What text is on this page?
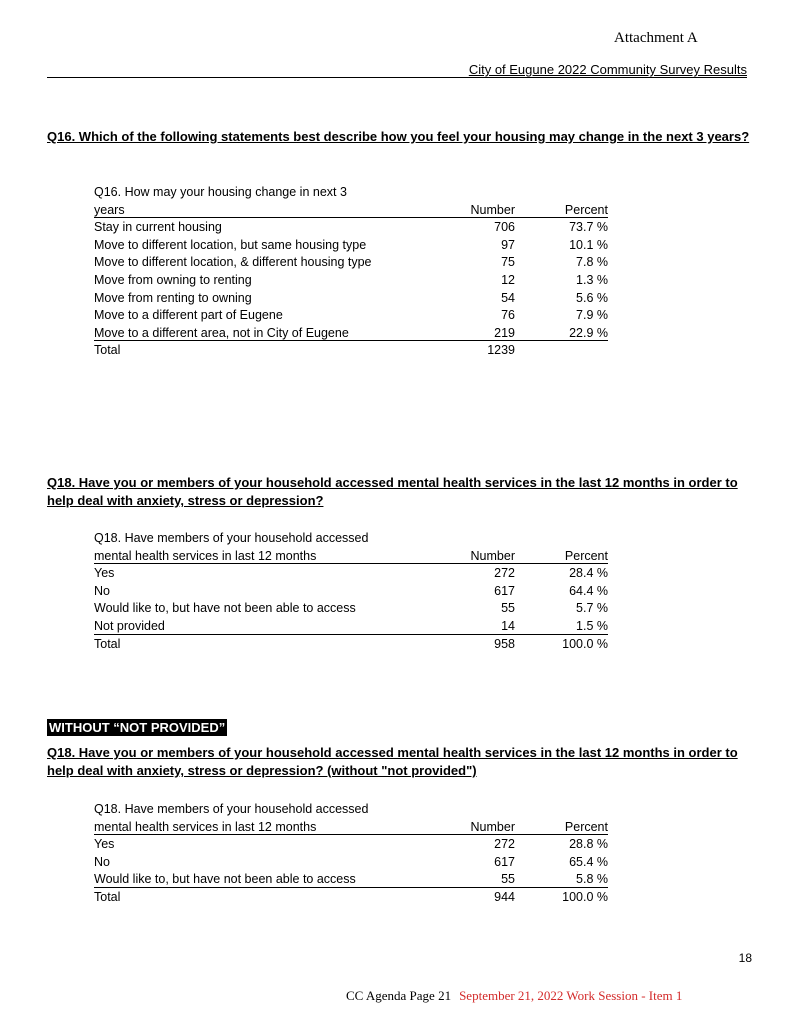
Attachment A
City of Eugune 2022 Community Survey Results
Q16. Which of the following statements best describe how you feel your housing may change in the next 3 years?
Q16. How may your housing change in next 3
years	Number	Percent
Stay in current housing	706	73.7 %
Move to different location, but same housing type	97	10.1 %
Move to different location, & different housing type	75	7.8 %
Move from owning to renting	12	1.3 %
Move from renting to owning	54	5.6 %
Move to a different part of Eugene	76	7.9 %
Move to a different area, not in City of Eugene	219	22.9 %
Total	1239
Q18. Have you or members of your household accessed mental health services in the last 12 months in order to help deal with anxiety, stress or depression?
Q18. Have members of your household accessed
mental health services in last 12 months	Number	Percent
Yes	272	28.4 %
No	617	64.4 %
Would like to, but have not been able to access	55	5.7 %
Not provided	14	1.5 %
Total	958	100.0 %
WITHOUT “NOT PROVIDED”
Q18. Have you or members of your household accessed mental health services in the last 12 months in order to help deal with anxiety, stress or depression? (without "not provided")
Q18. Have members of your household accessed
mental health services in last 12 months	Number	Percent
Yes	272	28.8 %
No	617	65.4 %
Would like to, but have not been able to access	55	5.8 %
Total	944	100.0 %
18
CC Agenda Page 21 September 21, 2022 Work Session - Item 1
